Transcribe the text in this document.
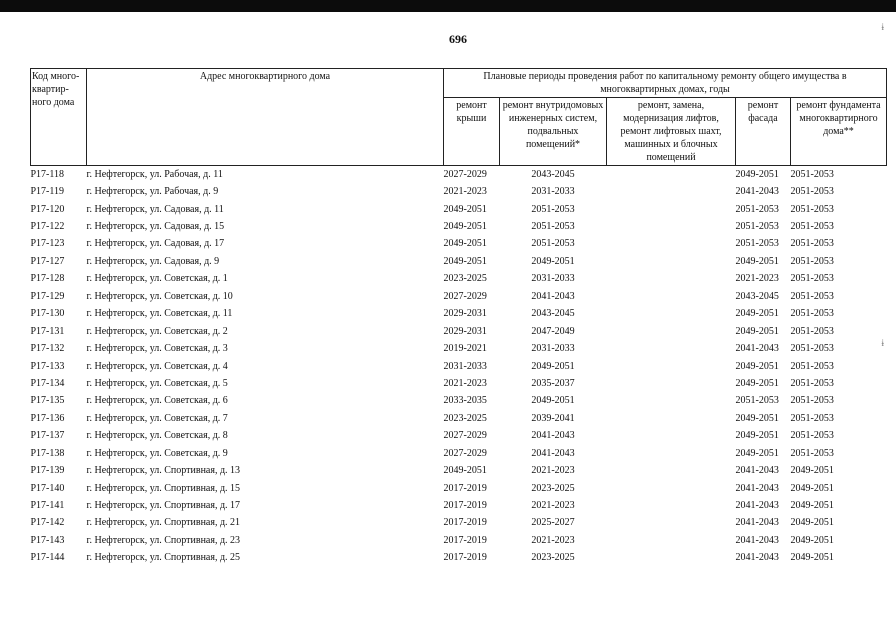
696
Код много-квартир-ного дома	Адрес многоквартирного дома	Плановые периоды проведения работ по капитальному ремонту общего имущества в многоквартирных домах, годы				
		ремонт крыши	ремонт внутридомовых инженерных систем, подвальных помещений*	ремонт, замена, модернизация лифтов, ремонт лифтовых шахт, машинных и блочных помещений	ремонт фасада	ремонт фундамента многоквартирного дома**
P17-118	г. Нефтегорск, ул. Рабочая, д. 11	2027-2029	2043-2045		2049-2051	2051-2053
P17-119	г. Нефтегорск, ул. Рабочая, д. 9	2021-2023	2031-2033		2041-2043	2051-2053
P17-120	г. Нефтегорск, ул. Садовая, д. 11	2049-2051	2051-2053		2051-2053	2051-2053
P17-122	г. Нефтегорск, ул. Садовая, д. 15	2049-2051	2051-2053		2051-2053	2051-2053
P17-123	г. Нефтегорск, ул. Садовая, д. 17	2049-2051	2051-2053		2051-2053	2051-2053
P17-127	г. Нефтегорск, ул. Садовая, д. 9	2049-2051	2049-2051		2049-2051	2051-2053
P17-128	г. Нефтегорск, ул. Советская, д. 1	2023-2025	2031-2033		2021-2023	2051-2053
P17-129	г. Нефтегорск, ул. Советская, д. 10	2027-2029	2041-2043		2043-2045	2051-2053
P17-130	г. Нефтегорск, ул. Советская, д. 11	2029-2031	2043-2045		2049-2051	2051-2053
P17-131	г. Нефтегорск, ул. Советская, д. 2	2029-2031	2047-2049		2049-2051	2051-2053
P17-132	г. Нефтегорск, ул. Советская, д. 3	2019-2021	2031-2033		2041-2043	2051-2053
P17-133	г. Нефтегорск, ул. Советская, д. 4	2031-2033	2049-2051		2049-2051	2051-2053
P17-134	г. Нефтегорск, ул. Советская, д. 5	2021-2023	2035-2037		2049-2051	2051-2053
P17-135	г. Нефтегорск, ул. Советская, д. 6	2033-2035	2049-2051		2051-2053	2051-2053
P17-136	г. Нефтегорск, ул. Советская, д. 7	2023-2025	2039-2041		2049-2051	2051-2053
P17-137	г. Нефтегорск, ул. Советская, д. 8	2027-2029	2041-2043		2049-2051	2051-2053
P17-138	г. Нефтегорск, ул. Советская, д. 9	2027-2029	2041-2043		2049-2051	2051-2053
P17-139	г. Нефтегорск, ул. Спортивная, д. 13	2049-2051	2021-2023		2041-2043	2049-2051
P17-140	г. Нефтегорск, ул. Спортивная, д. 15	2017-2019	2023-2025		2041-2043	2049-2051
P17-141	г. Нефтегорск, ул. Спортивная, д. 17	2017-2019	2021-2023		2041-2043	2049-2051
P17-142	г. Нефтегорск, ул. Спортивная, д. 21	2017-2019	2025-2027		2041-2043	2049-2051
P17-143	г. Нефтегорск, ул. Спортивная, д. 23	2017-2019	2021-2023		2041-2043	2049-2051
P17-144	г. Нефтегорск, ул. Спортивная, д. 25	2017-2019	2023-2025		2041-2043	2049-2051
ɨ
ɨ
